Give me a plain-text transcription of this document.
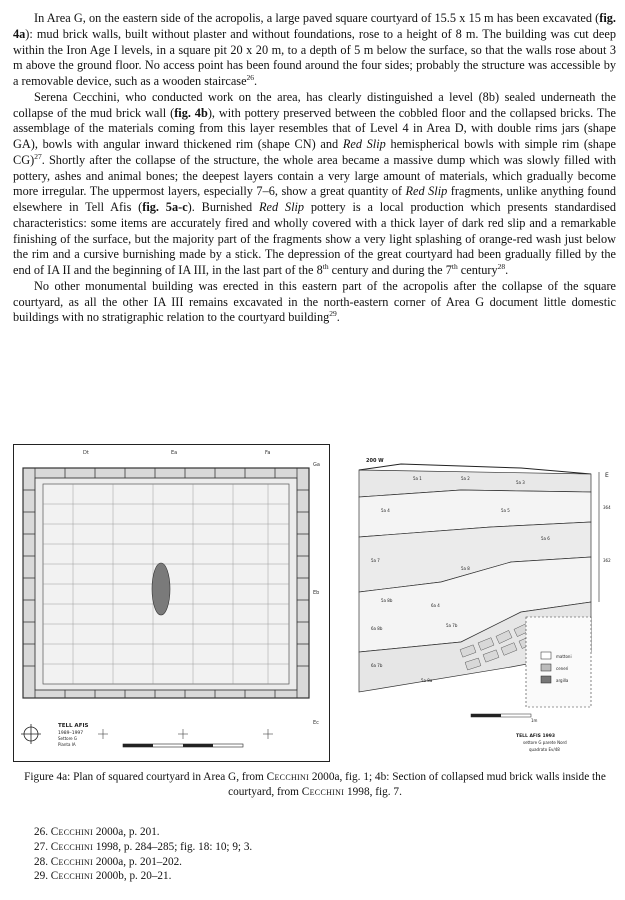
In Area G, on the eastern side of the acropolis, a large paved square courtyard of 15.5 x 15 m has been excavated (fig. 4a): mud brick walls, built without plaster and without foundations, rose to a height of 8 m. The building was cut deep within the Iron Age I levels, in a square pit 20 x 20 m, to a depth of 5 m below the surface, so that the walls rose about 3 m above the ground floor. No access point has been found around the four sides; probably the structure was accessible by a removable device, such as a wooden staircase$^{26}$.

Serena Cecchini, who conducted work on the area, has clearly distinguished a level (8b) sealed underneath the collapse of the mud brick wall (fig. 4b), with pottery preserved between the cobbled floor and the collapsed bricks. The assemblage of the materials coming from this layer resembles that of Level 4 in Area D, with double rims jars (shape GA), bowls with angular inward thickened rim (shape CN) and Red Slip hemispherical bowls with simple rim (shape CG)$^{27}$. Shortly after the collapse of the structure, the whole area became a massive dump which was slowly filled with pottery, ashes and animal bones; the deepest layers contain a very large amount of materials, which gradually become more irregular. The uppermost layers, especially 7–6, show a great quantity of Red Slip fragments, unlike anything found elsewhere in Tell Afis (fig. 5a-c). Burnished Red Slip pottery is a local production which presents standardised characteristics: some items are accurately fired and wholly covered with a thick layer of dark red slip and a remarkable finishing of the surface, but the majority part of the fragments show a very light splashing of orange-red wash just below the rim and a cursive burnishing made by a stick. The depression of the great courtyard had been gradually filled by the end of IA II and the beginning of IA III, in the last part of the 8th century and during the 7th century$^{28}$.

No other monumental building was erected in this eastern part of the acropolis after the collapse of the square courtyard, as all the other IA III remains excavated in the north-eastern corner of Area G document little domestic buildings with no stratigraphic relation to the courtyard building$^{29}$.

Dt	Ea	Fa
Ga
Eb
Ec
TELL AFIS
1989–1997
Settore G
Pianta IA
200 W
E
364
362
5a 1	5a 2
5a 3
5a 4	5a 5
5a 6
5a 7
5a 8
5a 8b
6a 4
6a 8b
5a 7b
6a 7b
5a 8a
mattoni
ceneri
argilla
1m
TELL AFIS 1993
settore G parete Nord
quadrato Ev/48
Figure 4a: Plan of squared courtyard in Area G, from Cecchini 2000a, fig. 1; 4b: Section of collapsed mud brick walls inside the courtyard, from Cecchini 1998, fig. 7.

26. Cecchini 2000a, p. 201.

27. Cecchini 1998, p. 284–285; fig. 18: 10; 9; 3.

28. Cecchini 2000a, p. 201–202.

29. Cecchini 2000b, p. 20–21.
